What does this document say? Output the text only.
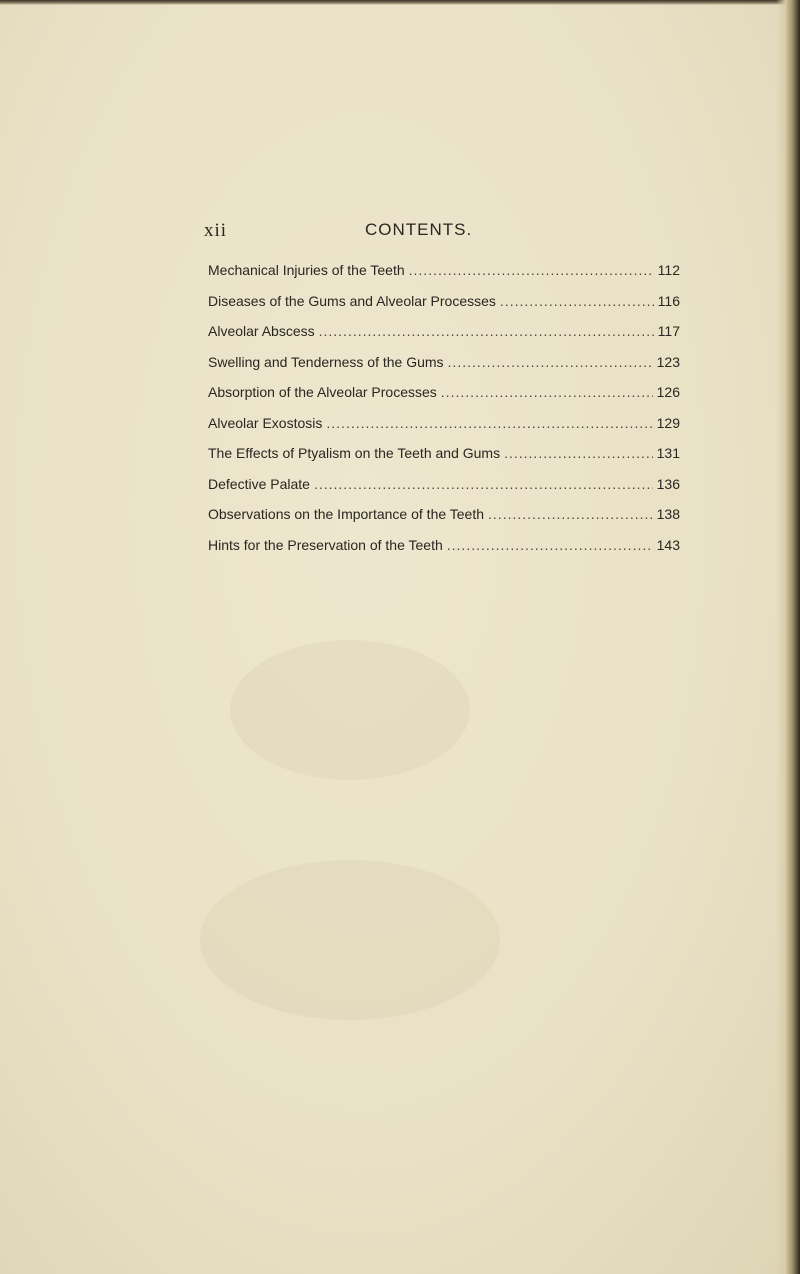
xii	CONTENTS.
Mechanical Injuries of the Teeth .....	112
Diseases of the Gums and Alveolar Processes .....	116
Alveolar Abscess .....	117
Swelling and Tenderness of the Gums .....	123
Absorption of the Alveolar Processes .....	126
Alveolar Exostosis .....	129
The Effects of Ptyalism on the Teeth and Gums .....	131
Defective Palate .....	136
Observations on the Importance of the Teeth .....	138
Hints for the Preservation of the Teeth .....	143
